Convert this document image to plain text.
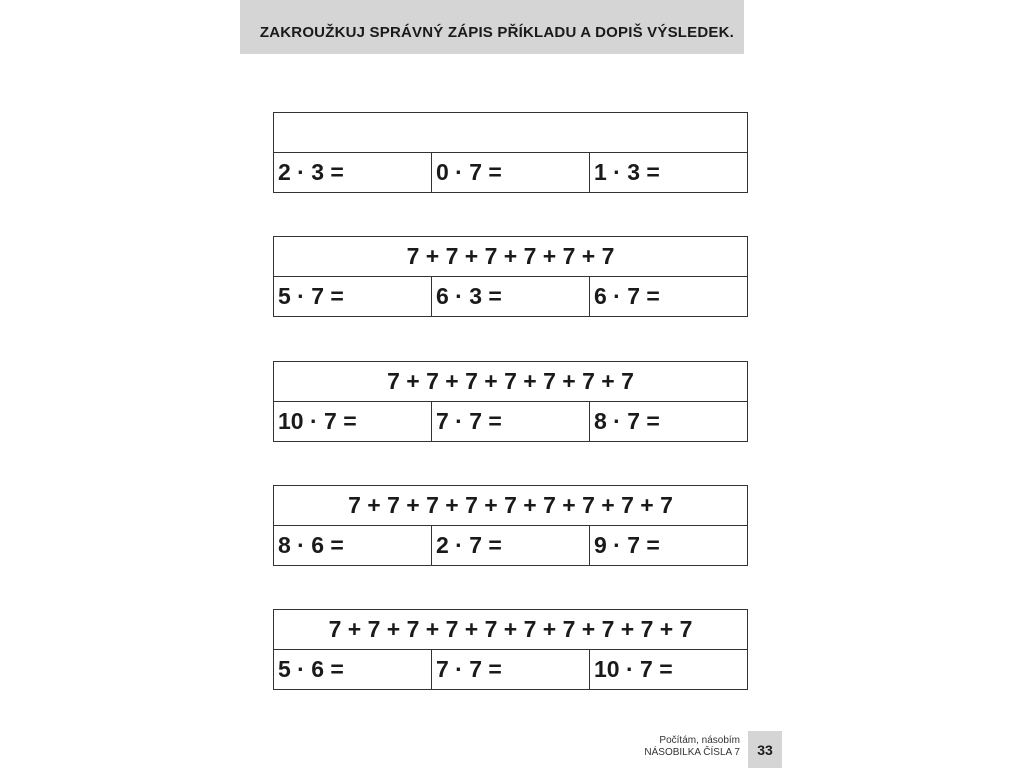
ZAKROUŽKUJ SPRÁVNÝ ZÁPIS PŘÍKLADU A DOPIŠ VÝSLEDEK.

2 · 3 =	0 · 7 =	1 · 3 =
7 + 7 + 7 + 7 + 7 + 7
5 · 7 =	6 · 3 =	6 · 7 =
7 + 7 + 7 + 7 + 7 + 7 + 7
10 · 7 =	7 · 7 =	8 · 7 =
7 + 7 + 7 + 7 + 7 + 7 + 7 + 7 + 7
8 · 6 =	2 · 7 =	9 · 7 =
7 + 7 + 7 + 7 + 7 + 7 + 7 + 7 + 7 + 7
5 · 6 =	7 · 7 =	10 · 7 =
Počítám, násobím
NÁSOBILKA ČÍSLA 7	33
